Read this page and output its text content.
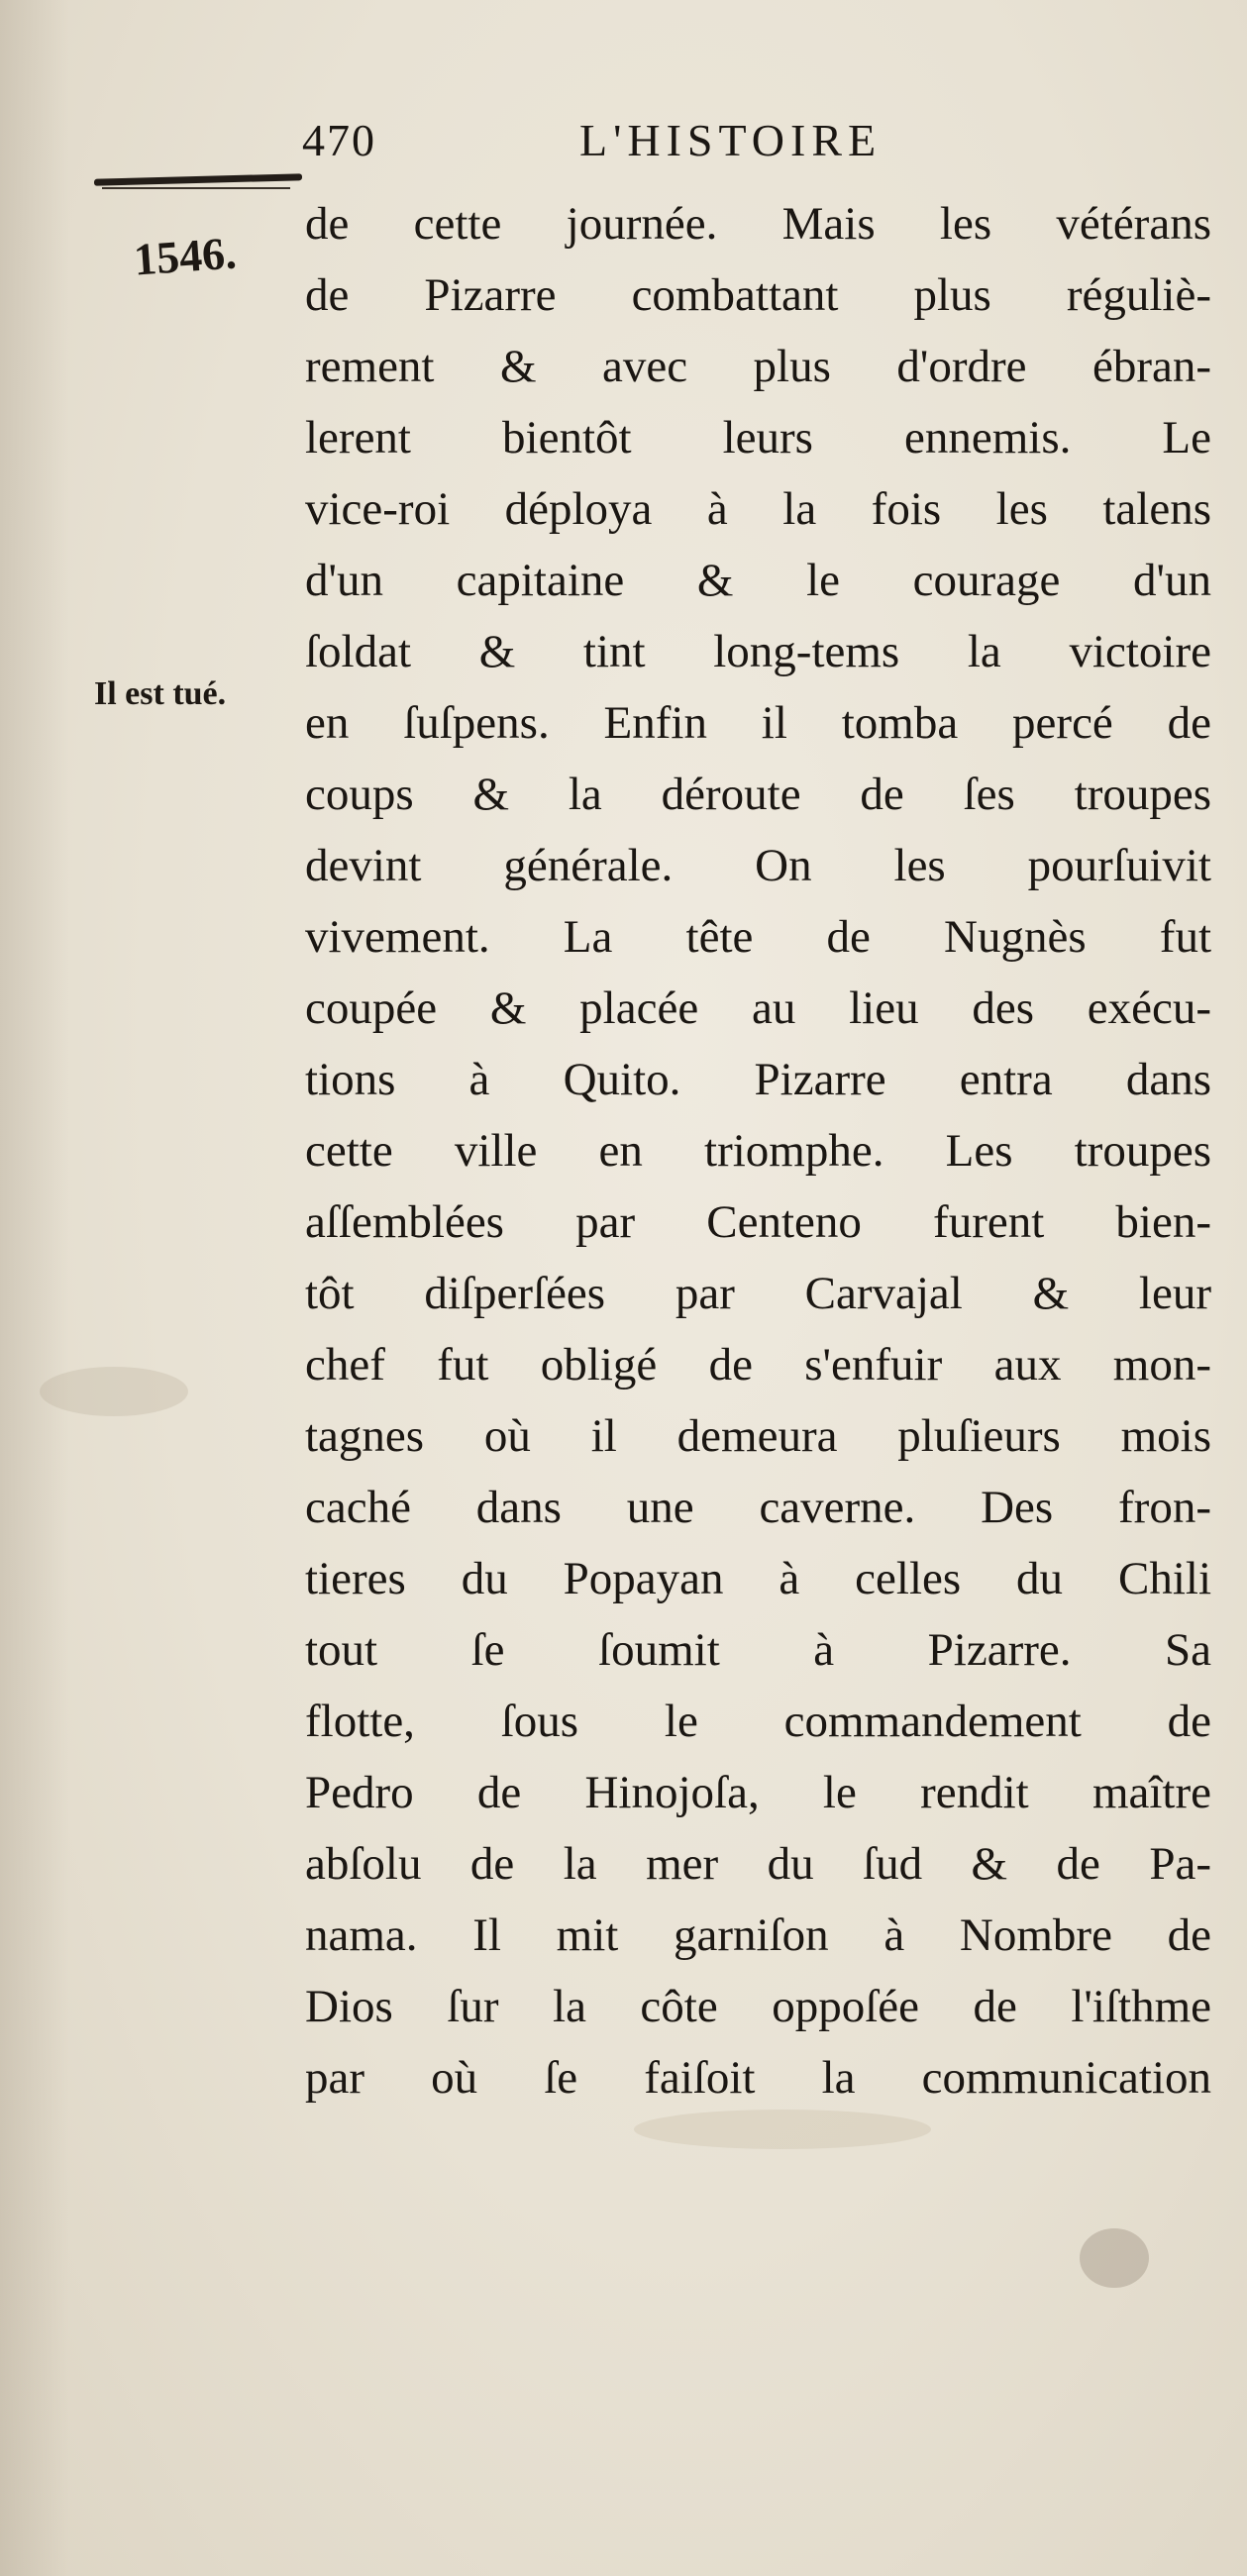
470	L'HISTOIRE
1546.
Il est tué.
de cette journée. Mais les vétérans
de Pizarre combattant plus réguliè-
rement & avec plus d'ordre ébran-
lerent bientôt leurs ennemis. Le
vice-roi déploya à la fois les talens
d'un capitaine & le courage d'un
ſoldat & tint long-tems la victoire
en ſuſpens. Enfin il tomba percé de
coups & la déroute de ſes troupes
devint générale. On les pourſuivit
vivement. La tête de Nugnès fut
coupée & placée au lieu des exécu-
tions à Quito. Pizarre entra dans
cette ville en triomphe. Les troupes
aſſemblées par Centeno furent bien-
tôt diſperſées par Carvajal & leur
chef fut obligé de s'enfuir aux mon-
tagnes où il demeura pluſieurs mois
caché dans une caverne. Des fron-
tieres du Popayan à celles du Chili
tout ſe ſoumit à Pizarre. Sa
flotte, ſous le commandement de
Pedro de Hinojoſa, le rendit maître
abſolu de la mer du ſud & de Pa-
nama. Il mit garniſon à Nombre de
Dios ſur la côte oppoſée de l'iſthme
par où ſe faiſoit la communication
